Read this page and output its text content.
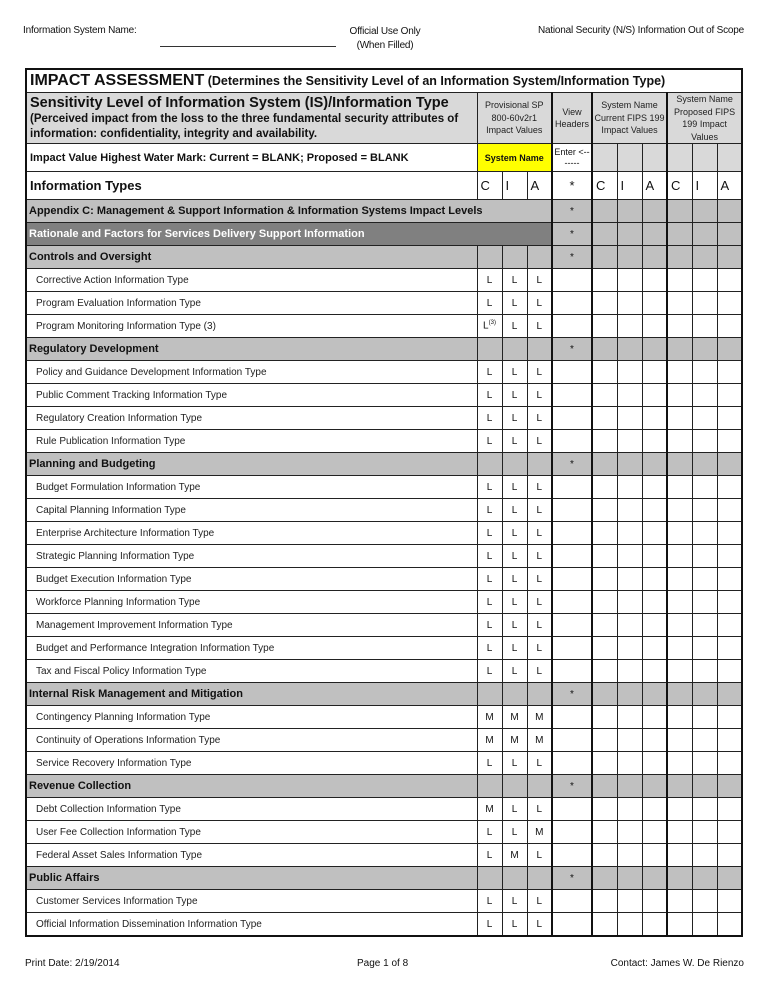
Information System Name:	Official Use Only
(When Filled)
National Security (N/S) Information Out of Scope
IMPACT ASSESSMENT (Determines the Sensitivity Level of an Information System/Information Type)										

Sensitivity Level of Information System (IS)/Information Type
(Perceived impact from the loss to the three fundamental security attributes of information: confidentiality, integrity and availability.	Provisional SP 800-60v2r1 Impact Values			View Headers	System Name Current FIPS 199 Impact Values			System Name Proposed FIPS 199 Impact Values		
Impact Value Highest Water Mark: Current = BLANK; Proposed = BLANK	System Name			Enter <-------						
Information Types	C	I	A	*	C	I	A	C	I	A
Appendix C: Management & Support Information & Information Systems Impact Levels				*						
Rationale and Factors for Services Delivery Support Information				*						
Controls and Oversight				*						
Corrective Action Information Type	L	L	L							
Program Evaluation Information Type	L	L	L							
Program Monitoring Information Type (3)	$L^{(3)}$	L	L							
Regulatory Development				*						
Policy and Guidance Development Information Type	L	L	L							
Public Comment Tracking Information Type	L	L	L							
Regulatory Creation Information Type	L	L	L							
Rule Publication Information Type	L	L	L							
Planning and Budgeting				*						
Budget Formulation Information Type	L	L	L							
Capital Planning Information Type	L	L	L							
Enterprise Architecture Information Type	L	L	L							
Strategic Planning Information Type	L	L	L							
Budget Execution Information Type	L	L	L							
Workforce Planning Information Type	L	L	L							
Management Improvement Information Type	L	L	L							
Budget and Performance Integration Information Type	L	L	L							
Tax and Fiscal Policy Information Type	L	L	L							
Internal Risk Management and Mitigation				*						
Contingency Planning Information Type	M	M	M							
Continuity of Operations Information Type	M	M	M							
Service Recovery Information Type	L	L	L							
Revenue Collection				*						
Debt Collection Information Type	M	L	L							
User Fee Collection Information Type	L	L	M							
Federal Asset Sales Information Type	L	M	L							
Public Affairs				*						
Customer Services Information Type	L	L	L							
Official Information Dissemination Information Type	L	L	L							
Print Date: 2/19/2014	Page 1 of 8	Contact: James W. De Rienzo
